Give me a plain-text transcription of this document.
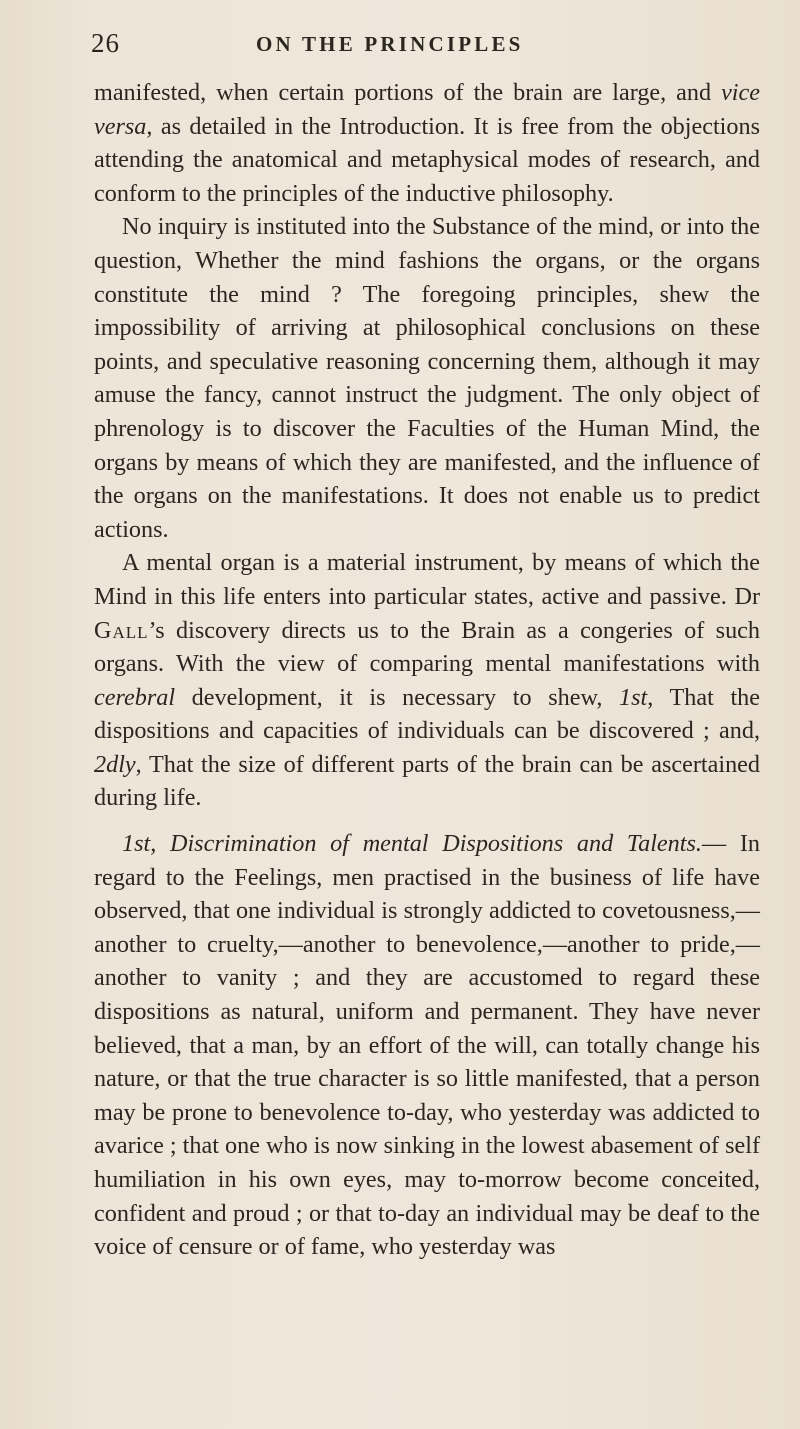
26	ON THE PRINCIPLES

manifested, when certain portions of the brain are large, and vice versa, as detailed in the Introduction. It is free from the objections attending the anatomical and metaphysical modes of research, and conform to the principles of the inductive philosophy.

No inquiry is instituted into the Substance of the mind, or into the question, Whether the mind fashions the organs, or the organs constitute the mind ? The foregoing principles, shew the impossibility of arriving at philosophical conclusions on these points, and speculative reasoning concerning them, although it may amuse the fancy, cannot instruct the judgment. The only object of phrenology is to discover the Faculties of the Human Mind, the organs by means of which they are manifested, and the influence of the organs on the manifestations. It does not enable us to predict actions.

A mental organ is a material instrument, by means of which the Mind in this life enters into particular states, active and passive. Dr Gall’s discovery directs us to the Brain as a congeries of such organs. With the view of comparing mental manifestations with cerebral development, it is necessary to shew, 1st, That the dispositions and capacities of individuals can be discovered ; and, 2dly, That the size of different parts of the brain can be ascertained during life.

1st, Discrimination of mental Dispositions and Talents.— In regard to the Feelings, men practised in the business of life have observed, that one individual is strongly addicted to covetousness,—another to cruelty,—another to benevolence,—another to pride,—another to vanity ; and they are accustomed to regard these dispositions as natural, uniform and permanent. They have never believed, that a man, by an effort of the will, can totally change his nature, or that the true character is so little manifested, that a person may be prone to benevolence to-day, who yesterday was addicted to avarice ; that one who is now sinking in the lowest abasement of self humiliation in his own eyes, may to-morrow become conceited, confident and proud ; or that to-day an individual may be deaf to the voice of censure or of fame, who yesterday was
